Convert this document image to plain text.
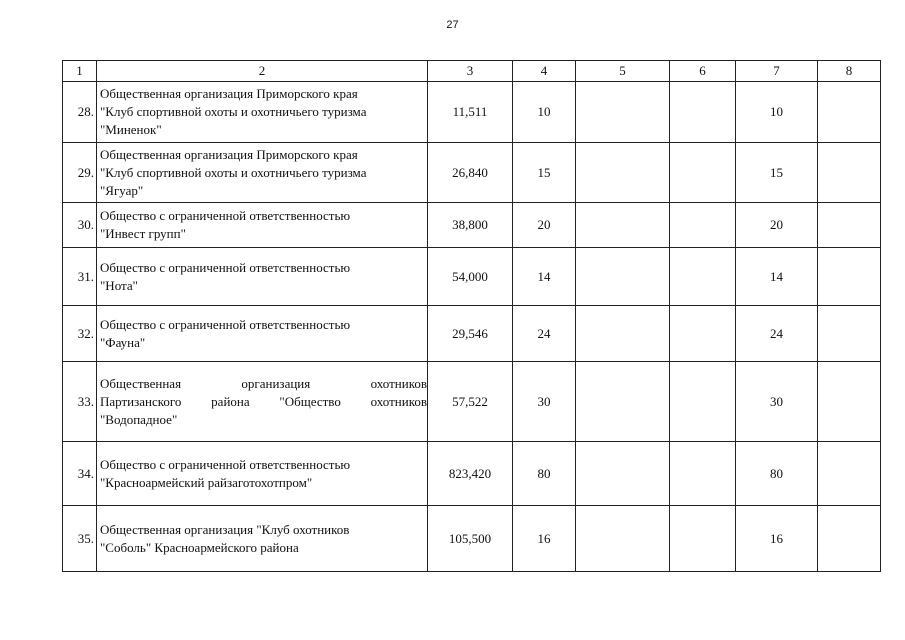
27
1	2	3	4	5	6	7	8
28.	Общественная организация Приморского края
"Клуб спортивной охоты и охотничьего туризма
"Миненок"	11,511	10			10	
29.	Общественная организация Приморского края
"Клуб спортивной охоты и охотничьего туризма
"Ягуар"	26,840	15			15	
30.	Общество с ограниченной ответственностью
"Инвест групп"	38,800	20			20	
31.	Общество с ограниченной ответственностью
"Нота"	54,000	14			14	
32.	Общество с ограниченной ответственностью
"Фауна"	29,546	24			24	
33.	Общественная организация охотников
Партизанского района "Общество охотников
"Водопадное"	57,522	30			30	
34.	Общество с ограниченной ответственностью
"Красноармейский райзаготохотпром"	823,420	80			80	
35.	Общественная организация "Клуб охотников
"Соболь" Красноармейского района	105,500	16			16	
